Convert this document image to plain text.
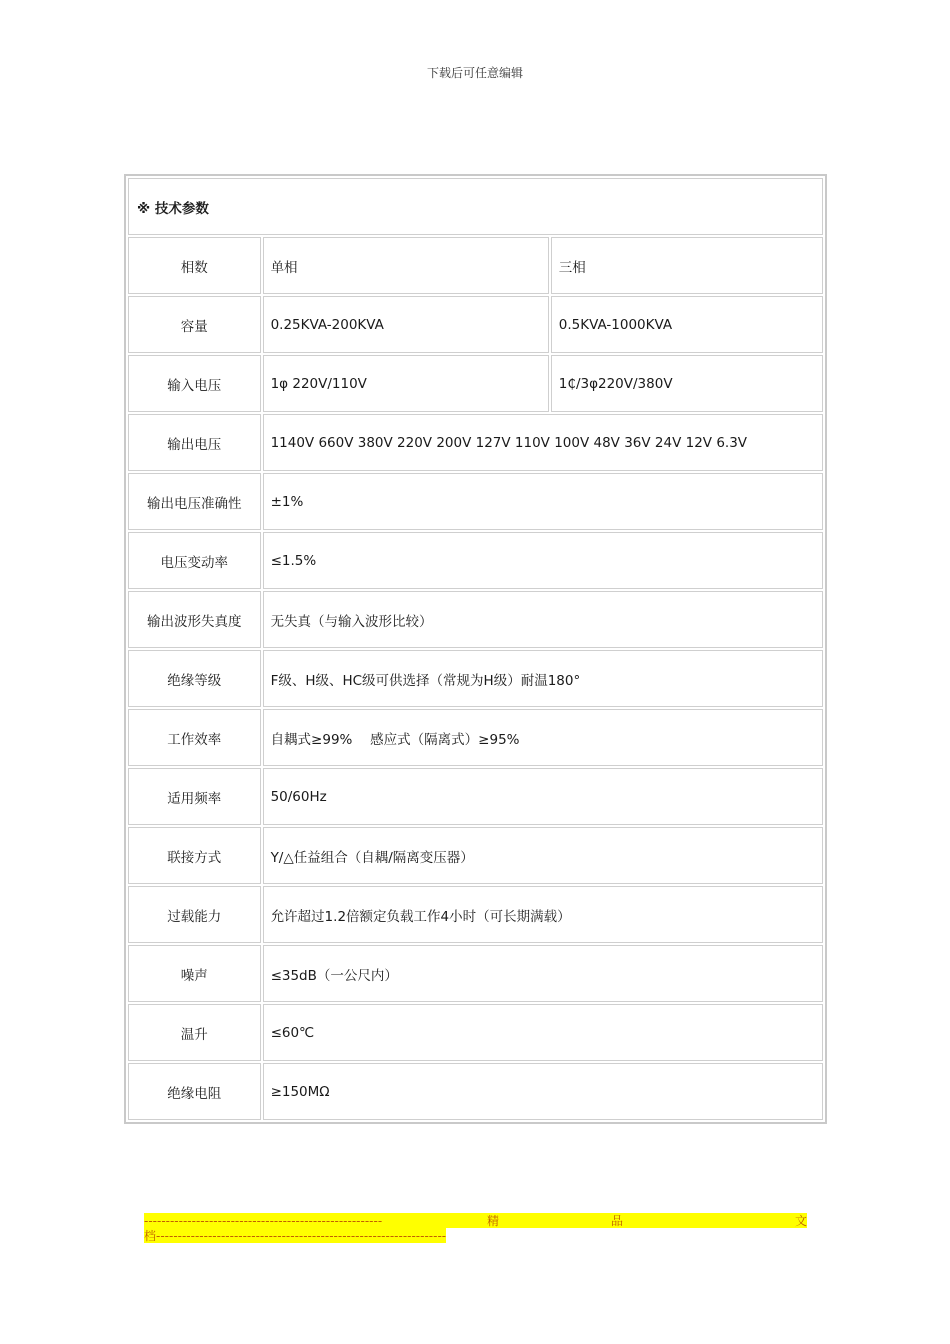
下载后可任意编辑
※ 技术参数		
相数	单相	三相
容量	0.25KVA-200KVA	0.5KVA-1000KVA
输入电压	1φ 220V/110V	1₵/3φ220V/380V
输出电压	1140V 660V 380V 220V 200V 127V 110V 100V 48V 36V 24V 12V 6.3V	
输出电压准确性	±1%	
电压变动率	≤1.5%	
输出波形失真度	无失真（与输入波形比较）	
绝缘等级	F级、H级、HC级可供选择（常规为H级）耐温180°	
工作效率	自耦式≥99%　 感应式（隔离式）≥95%	
适用频率	50/60Hz	
联接方式	Y/△任益组合（自耦/隔离变压器）	
过载能力	允许超过1.2倍额定负载工作4小时（可长期满载）	
噪声	≤35dB（一公尺内）	
温升	≤60℃	
绝缘电阻	≥150MΩ	
-------------------------------------------------------	精	品	文
档-------------------------------------------------------------------
